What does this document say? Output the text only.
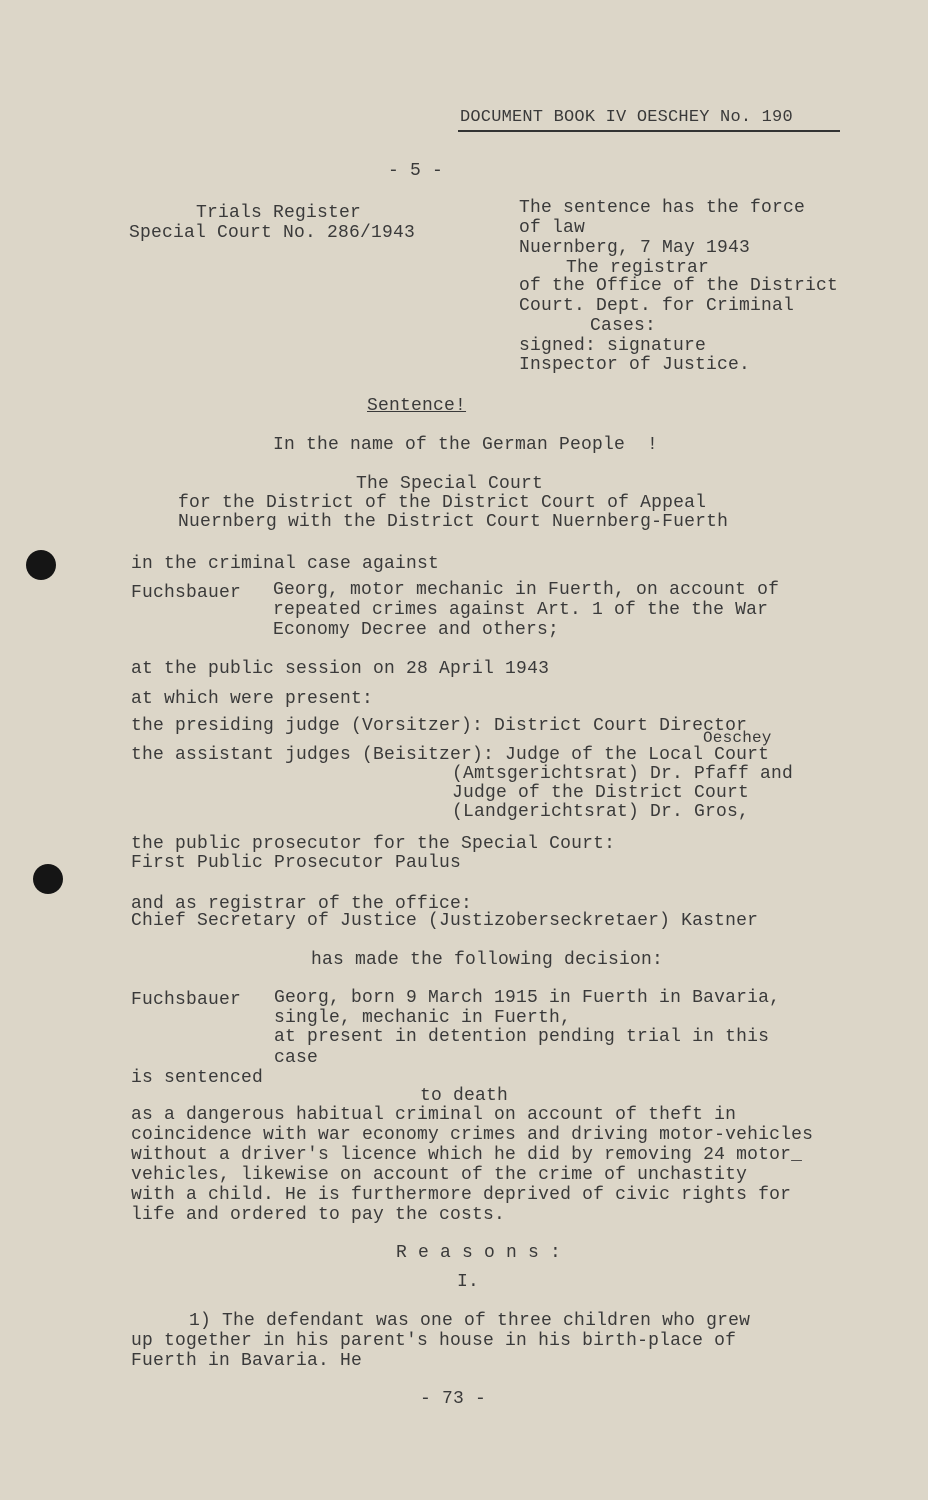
DOCUMENT BOOK IV OESCHEY No. 190
- 5 -
Trials Register
Special Court No. 286/1943
The sentence has the force
of law
Nuernberg, 7 May 1943
The registrar
of the Office of the District
Court. Dept. for Criminal
Cases:
signed: signature
Inspector of Justice.
Sentence!
In the name of the German People  !
The Special Court
for the District of the District Court of Appeal
Nuernberg with the District Court Nuernberg-Fuerth
in the criminal case against
Fuchsbauer Georg, motor mechanic in Fuerth, on account of
repeated crimes against Art. 1 of the the War
Economy Decree and others;
at the public session on 28 April 1943
at which were present:
the presiding judge (Vorsitzer): District Court Director
Oeschey
the assistant judges (Beisitzer): Judge of the Local Court
(Amtsgerichtsrat) Dr. Pfaff and
Judge of the District Court
(Landgerichtsrat) Dr. Gros,
the public prosecutor for the Special Court:
First Public Prosecutor Paulus
and as registrar of the office:
Chief Secretary of Justice (Justizoberseckretaer) Kastner
has made the following decision:
Fuchsbauer Georg, born 9 March 1915 in Fuerth in Bavaria,
single, mechanic in Fuerth,
at present in detention pending trial in this
case
is sentenced
to death
as a dangerous habitual criminal on account of theft in
coincidence with war economy crimes and driving motor-vehicles
without a driver's licence which he did by removing 24 motor_
vehicles, likewise on account of the crime of unchastity
with a child. He is furthermore deprived of civic rights for
life and ordered to pay the costs.
R e a s o n s :
I.
1) The defendant was one of three children who grew
up together in his parent's house in his birth-place of
Fuerth in Bavaria. He
- 73 -
